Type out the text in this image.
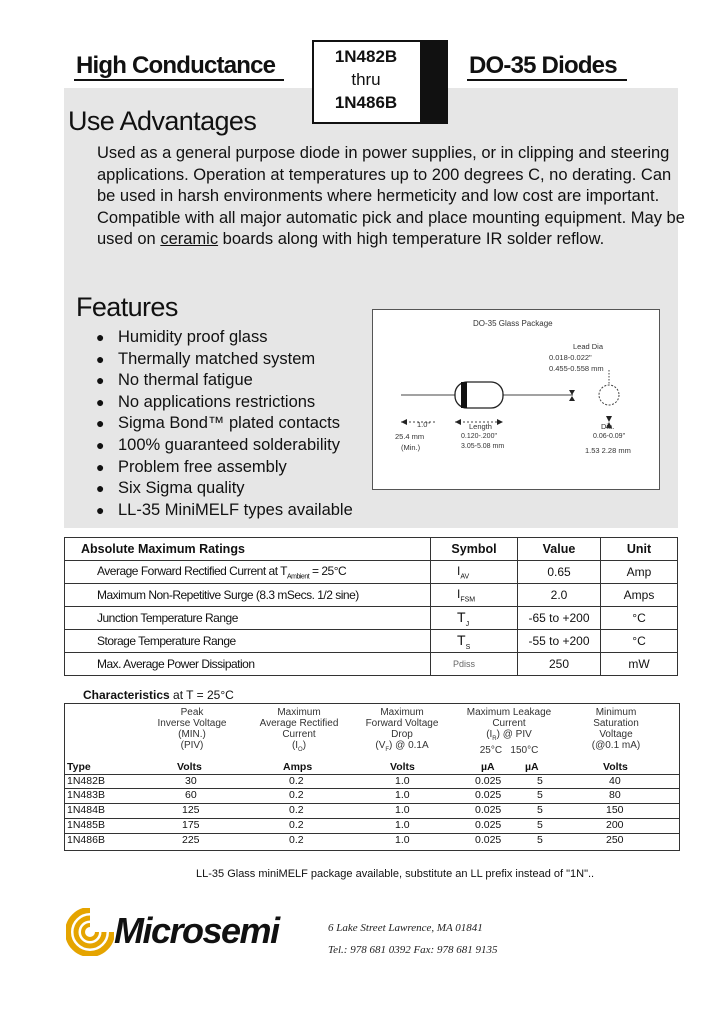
High Conductance	1N482B
thru
1N486B
DO-35 Diodes
Use Advantages

Used as a general purpose diode in power supplies, or in clipping and steering applications. Operation at temperatures up to 200 degrees C, no derating. Can be used in harsh environments where hermeticity and low cost are important. Compatible with all major automatic pick and place mounting equipment. May be used on ceramic boards along with high temperature IR solder reflow.

Features
● Humidity proof glass
● Thermally matched system
● No thermal fatigue
● No applications restrictions
● Sigma Bond™ plated contacts
● 100% guaranteed solderability
● Problem free assembly
● Six Sigma quality
● LL-35 MiniMELF types available
DO-35 Glass Package
Lead Dia
0.018-0.022"
0.455-0.558 mm
1.0"
25.4 mm
(Min.)
Length
0.120-.200"
3.05-5.08 mm
Dia.
0.06-0.09"
1.53 2.28 mm
Absolute Maximum Ratings	Symbol	Value	Unit
Average Forward Rectified Current at $T_{Ambient} = 25^\circ C$	$I_{AV}$	0.65	Amp
Maximum Non-Repetitive Surge (8.3 mSecs. 1/2 sine)	$I_{FSM}$	2.0	Amps
Junction Temperature Range	$T_J$	-65 to +200	°C
Storage Temperature Range	$T_S$	-55 to +200	°C
Max. Average Power Dissipation	Pdiss	250	mW
Characteristics at T = 25°C
Peak
Inverse Voltage
(MIN.)
(PIV)
Maximum
Average Rectified
Current
$(I_O)$
Maximum
Forward Voltage
Drop
$(V_F)$ @ 0.1A
Maximum Leakage
Current
$(I_R)$ @ PIV
25°C 150°C
Minimum
Saturation
Voltage
(@0.1 mA)
Type	Volts	Amps	Volts	µA	µA	Volts
1N482B	30	0.2	1.0	0.025	5	40
1N483B	60	0.2	1.0	0.025	5	80
1N484B	125	0.2	1.0	0.025	5	150
1N485B	175	0.2	1.0	0.025	5	200
1N486B	225	0.2	1.0	0.025	5	250
LL-35 Glass miniMELF package available, substitute an LL prefix instead of "1N"..
Microsemi	6 Lake Street Lawrence, MA 01841
Tel.: 978 681 0392 Fax: 978 681 9135
